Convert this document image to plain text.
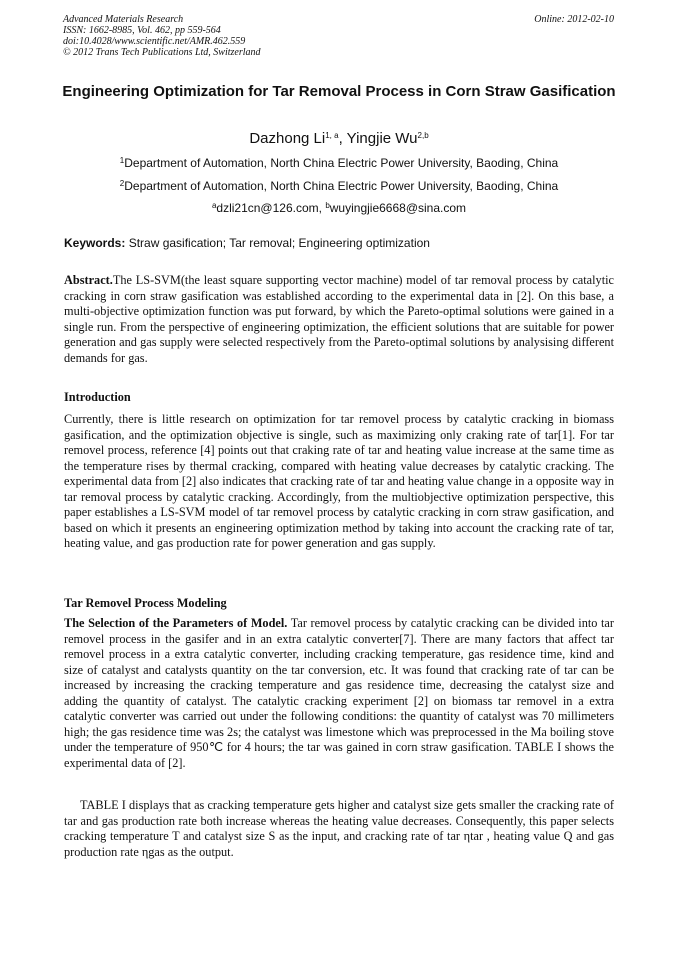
Advanced Materials Research
ISSN: 1662-8985, Vol. 462, pp 559-564
doi:10.4028/www.scientific.net/AMR.462.559
© 2012 Trans Tech Publications Ltd, Switzerland
Online: 2012-02-10
Engineering Optimization for Tar Removal Process in Corn Straw Gasification
Dazhong Li$^{1, a}$, Yingjie Wu$^{2,b}$
$^1$Department of Automation, North China Electric Power University, Baoding, China
$^2$Department of Automation, North China Electric Power University, Baoding, China
$^a$dzli21cn@126.com, $^b$wuyingjie6668@sina.com
Keywords: Straw gasification; Tar removal; Engineering optimization
Abstract.The LS-SVM(the least square supporting vector machine) model of tar removal process by catalytic cracking in corn straw gasification was established according to the experimental data in [2]. On this base, a multi-objective optimization function was put forward, by which the Pareto-optimal solutions were gained in a single run. From the perspective of engineering optimization, the efficient solutions that are suitable for power generation and gas supply were selected respectively from the Pareto-optimal solutions by analysising different demands for gas.
Introduction
Currently, there is little research on optimization for tar removel process by catalytic cracking in biomass gasification, and the optimization objective is single, such as maximizing only craking rate of tar[1]. For tar removel process, reference [4] points out that craking rate of tar and heating value increase at the same time as the temperature rises by thermal cracking, compared with heating value decreases by catalytic cracking. The experimental data from [2] also indicates that cracking rate of tar and heating value change in a opposite way in tar removal process by catalytic cracking. Accordingly, from the multiobjective optimization perspective, this paper establishes a LS-SVM model of tar removel process by catalytic cracking in corn straw gasification, and based on which it presents an engineering optimization method by taking into account the cracking rate of tar, heating value, and gas production rate for power generation and gas supply.
Tar Removel Process Modeling
The Selection of the Parameters of Model. Tar removel process by catalytic cracking can be divided into tar removel process in the gasifer and in an extra catalytic converter[7]. There are many factors that affect tar removel process in a extra catalytic converter, including cracking temperature, gas residence time, kind and size of catalyst and catalysts quantity on the tar conversion, etc. It was found that cracking rate of tar can be increased by increasing the cracking temperature and gas residence time, decreasing the catalyst size and adding the quantity of catalyst. The catalytic cracking experiment [2] on biomass tar removel in a extra catalytic converter was carried out under the following conditions: the quantity of catalyst was 70 millimeters high; the gas residence time was 2s; the catalyst was limestone which was preprocessed in the Ma boiling stove under the temperature of 950℃ for 4 hours; the tar was gained in corn straw gasification. TABLE I shows the experimental data of [2].
TABLE I displays that as cracking temperature gets higher and catalyst size gets smaller the cracking rate of tar and gas production rate both increase whereas the heating value decreases. Consequently, this paper selects cracking temperature T and catalyst size S as the input, and cracking rate of tar ηtar , heating value Q and gas production rate ηgas as the output.
